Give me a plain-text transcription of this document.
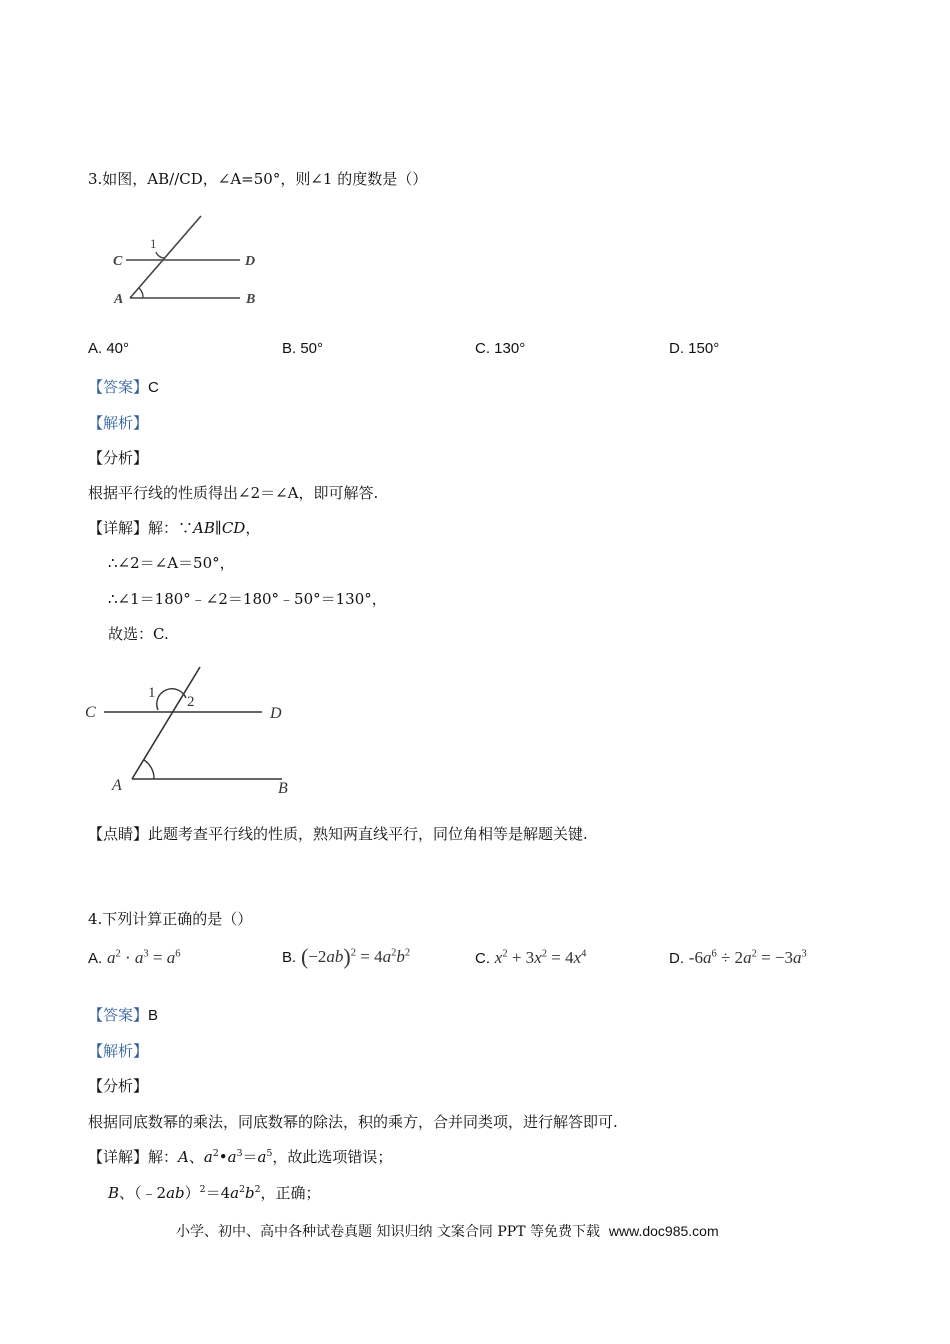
3.如图，AB//CD，∠A=50°，则∠1 的度数是（）
C	D
A	B
1
A. 40°	B. 50°	C. 130°	D. 150°
【答案】C
【解析】
【分析】
根据平行线的性质得出∠2＝∠A，即可解答.
【详解】解：∵AB∥CD，
∴∠2＝∠A＝50°，
∴∠1＝180°﹣∠2＝180°﹣50°＝130°，
故选：C.
C	D
A	B
1
2
【点睛】此题考查平行线的性质，熟知两直线平行，同位角相等是解题关键.
4.下列计算正确的是（）
A. $a^2 \cdot a^3 = a^6$	B. $(-2ab)^2 = 4a^2b^2$	C. $x^2 + 3x^2 = 4x^4$	D. $-6a^6 \div 2a^2 = -3a^3$
【答案】B
【解析】
【分析】
根据同底数幂的乘法，同底数幂的除法，积的乘方，合并同类项，进行解答即可.
【详解】解：A、$a^2•a^3=a^5$，故此选项错误；
B、$(﹣2ab)^2=4a^2b^2$，正确；
小学、初中、高中各种试卷真题 知识归纳 文案合同 PPT 等免费下载 www.doc985.com
